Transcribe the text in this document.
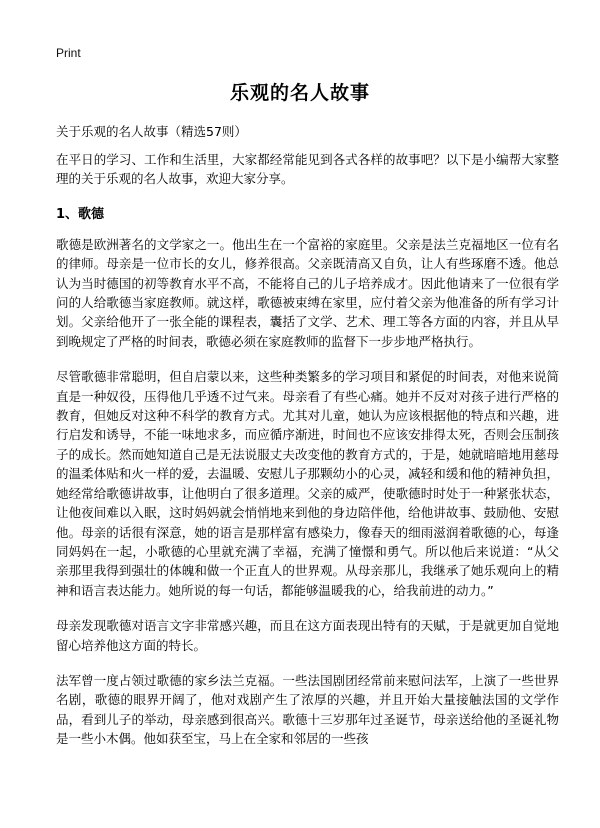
Print
乐观的名人故事
关于乐观的名人故事（精选57则）

在平日的学习、工作和生活里，大家都经常能见到各式各样的故事吧？以下是小编帮大家整理的关于乐观的名人故事，欢迎大家分享。

1、歌德

歌德是欧洲著名的文学家之一。他出生在一个富裕的家庭里。父亲是法兰克福地区一位有名的律师。母亲是一位市长的女儿，修养很高。父亲既清高又自负，让人有些琢磨不透。他总认为当时德国的初等教育水平不高，不能将自己的儿子培养成才。因此他请来了一位很有学问的人给歌德当家庭教师。就这样，歌德被束缚在家里，应付着父亲为他准备的所有学习计划。父亲给他开了一张全能的课程表，囊括了文学、艺术、理工等各方面的内容，并且从早到晚规定了严格的时间表，歌德必须在家庭教师的监督下一步步地严格执行。

尽管歌德非常聪明，但自启蒙以来，这些种类繁多的学习项目和紧促的时间表，对他来说简直是一种奴役，压得他几乎透不过气来。母亲看了有些心痛。她并不反对对孩子进行严格的教育，但她反对这种不科学的教育方式。尤其对儿童，她认为应该根据他的特点和兴趣，进行启发和诱导，不能一味地求多，而应循序渐进，时间也不应该安排得太死，否则会压制孩子的成长。然而她知道自己是无法说服丈夫改变他的教育方式的，于是，她就暗暗地用慈母的温柔体贴和火一样的爱，去温暖、安慰儿子那颗幼小的心灵，减轻和缓和他的精神负担，她经常给歌德讲故事，让他明白了很多道理。父亲的威严，使歌德时时处于一种紧张状态，让他夜间难以入眠，这时妈妈就会悄悄地来到他的身边陪伴他，给他讲故事、鼓励他、安慰他。母亲的话很有深意，她的语言是那样富有感染力，像春天的细雨滋润着歌德的心，每逢同妈妈在一起，小歌德的心里就充满了幸福，充满了憧憬和勇气。所以他后来说道：“从父亲那里我得到强壮的体魄和做一个正直人的世界观。从母亲那儿，我继承了她乐观向上的精神和语言表达能力。她所说的每一句话，都能够温暖我的心，给我前进的动力。”

母亲发现歌德对语言文字非常感兴趣，而且在这方面表现出特有的天赋，于是就更加自觉地留心培养他这方面的特长。

法军曾一度占领过歌德的家乡法兰克福。一些法国剧团经常前来慰问法军，上演了一些世界名剧，歌德的眼界开阔了，他对戏剧产生了浓厚的兴趣，并且开始大量接触法国的文学作品，看到儿子的举动，母亲感到很高兴。歌德十三岁那年过圣诞节，母亲送给他的圣诞礼物是一些小木偶。他如获至宝，马上在全家和邻居的一些孩
